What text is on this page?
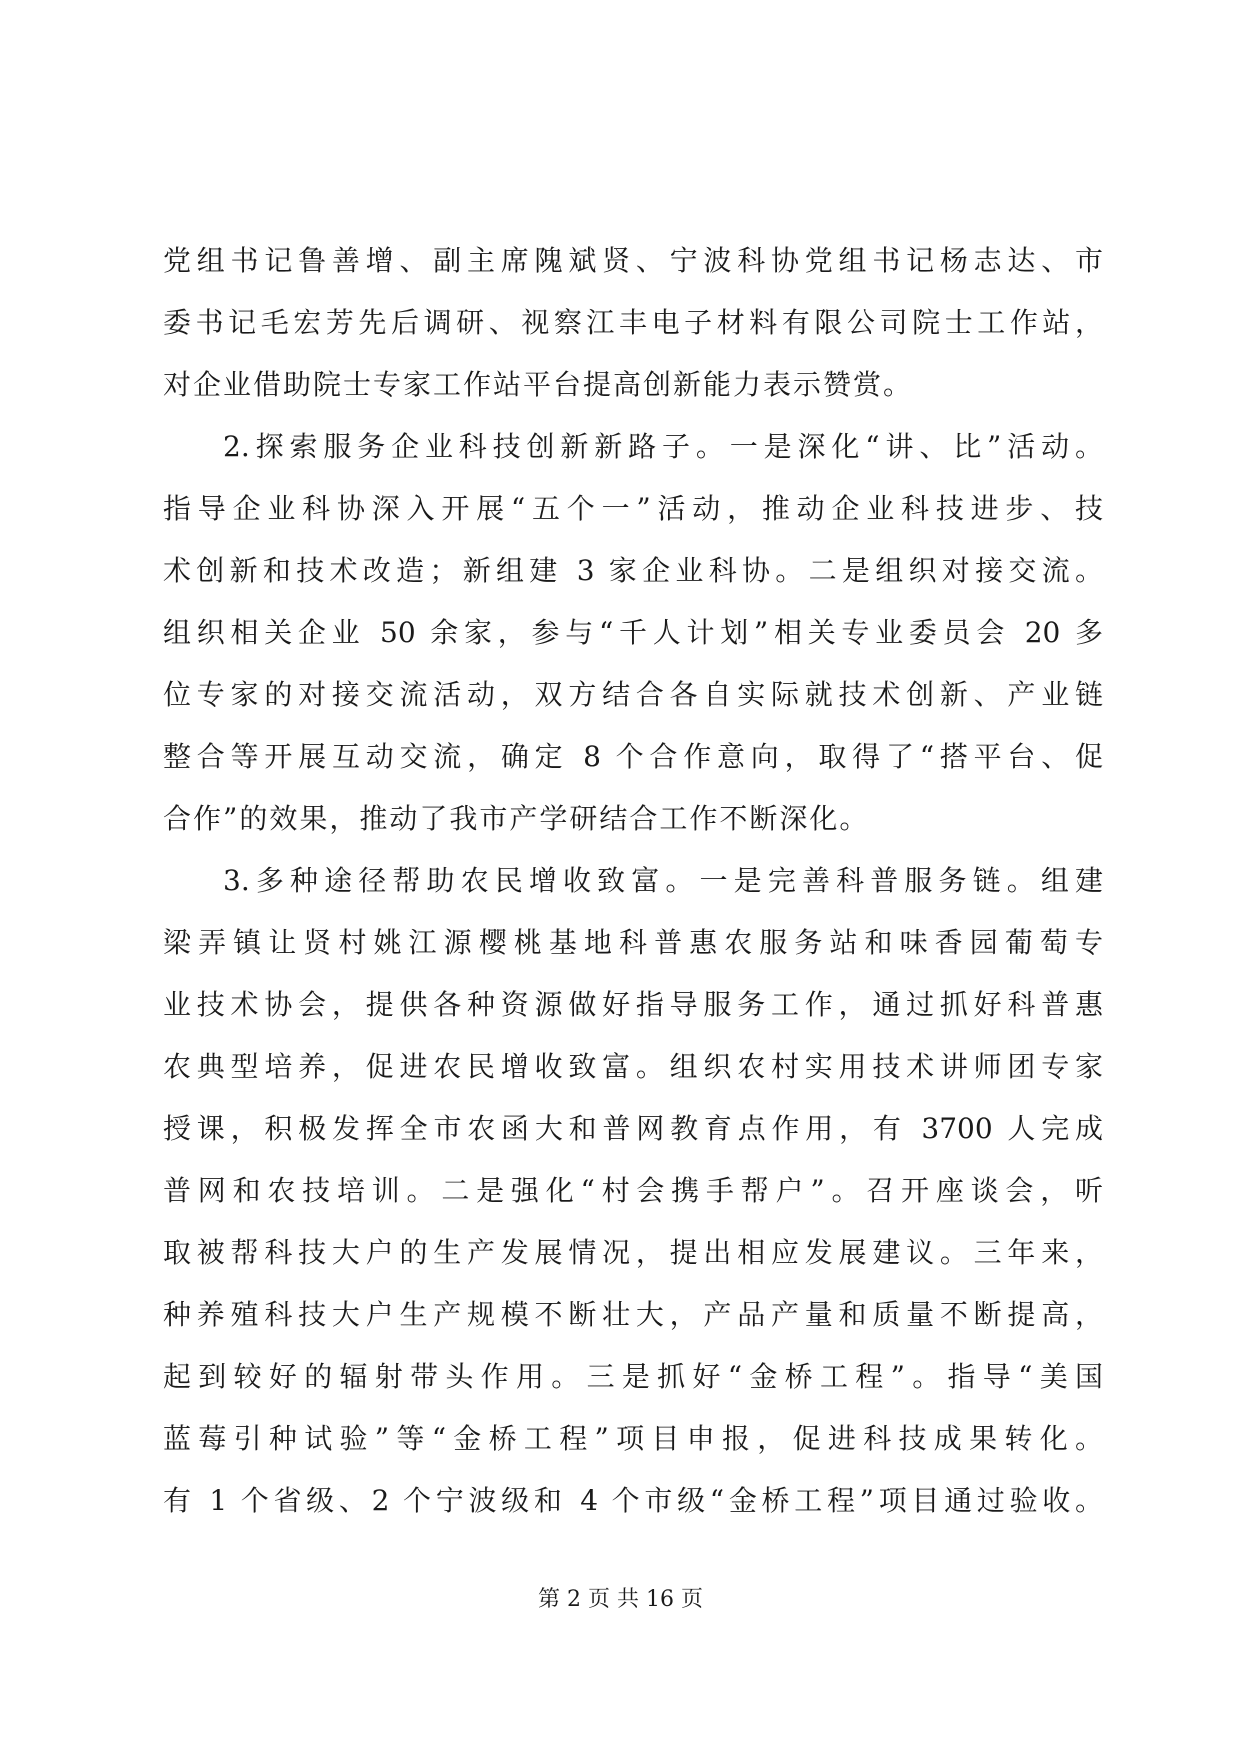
党组书记鲁善增、副主席隗斌贤、宁波科协党组书记杨志达、市
委书记毛宏芳先后调研、视察江丰电子材料有限公司院士工作站，
对企业借助院士专家工作站平台提高创新能力表示赞赏。
2.探索服务企业科技创新新路子。一是深化“讲、比”活动。
指导企业科协深入开展“五个一”活动，推动企业科技进步、技
术创新和技术改造；新组建 3 家企业科协。二是组织对接交流。
组织相关企业 50 余家，参与“千人计划”相关专业委员会 20 多
位专家的对接交流活动，双方结合各自实际就技术创新、产业链
整合等开展互动交流，确定 8 个合作意向，取得了“搭平台、促
合作”的效果，推动了我市产学研结合工作不断深化。
3.多种途径帮助农民增收致富。一是完善科普服务链。组建
梁弄镇让贤村姚江源樱桃基地科普惠农服务站和味香园葡萄专
业技术协会，提供各种资源做好指导服务工作，通过抓好科普惠
农典型培养，促进农民增收致富。组织农村实用技术讲师团专家
授课，积极发挥全市农函大和普网教育点作用，有 3700 人完成
普网和农技培训。二是强化“村会携手帮户”。召开座谈会，听
取被帮科技大户的生产发展情况，提出相应发展建议。三年来，
种养殖科技大户生产规模不断壮大，产品产量和质量不断提高，
起到较好的辐射带头作用。三是抓好“金桥工程”。指导“美国
蓝莓引种试验”等“金桥工程”项目申报，促进科技成果转化。
有 1 个省级、2 个宁波级和 4 个市级“金桥工程”项目通过验收。
第 2 页 共 16 页
